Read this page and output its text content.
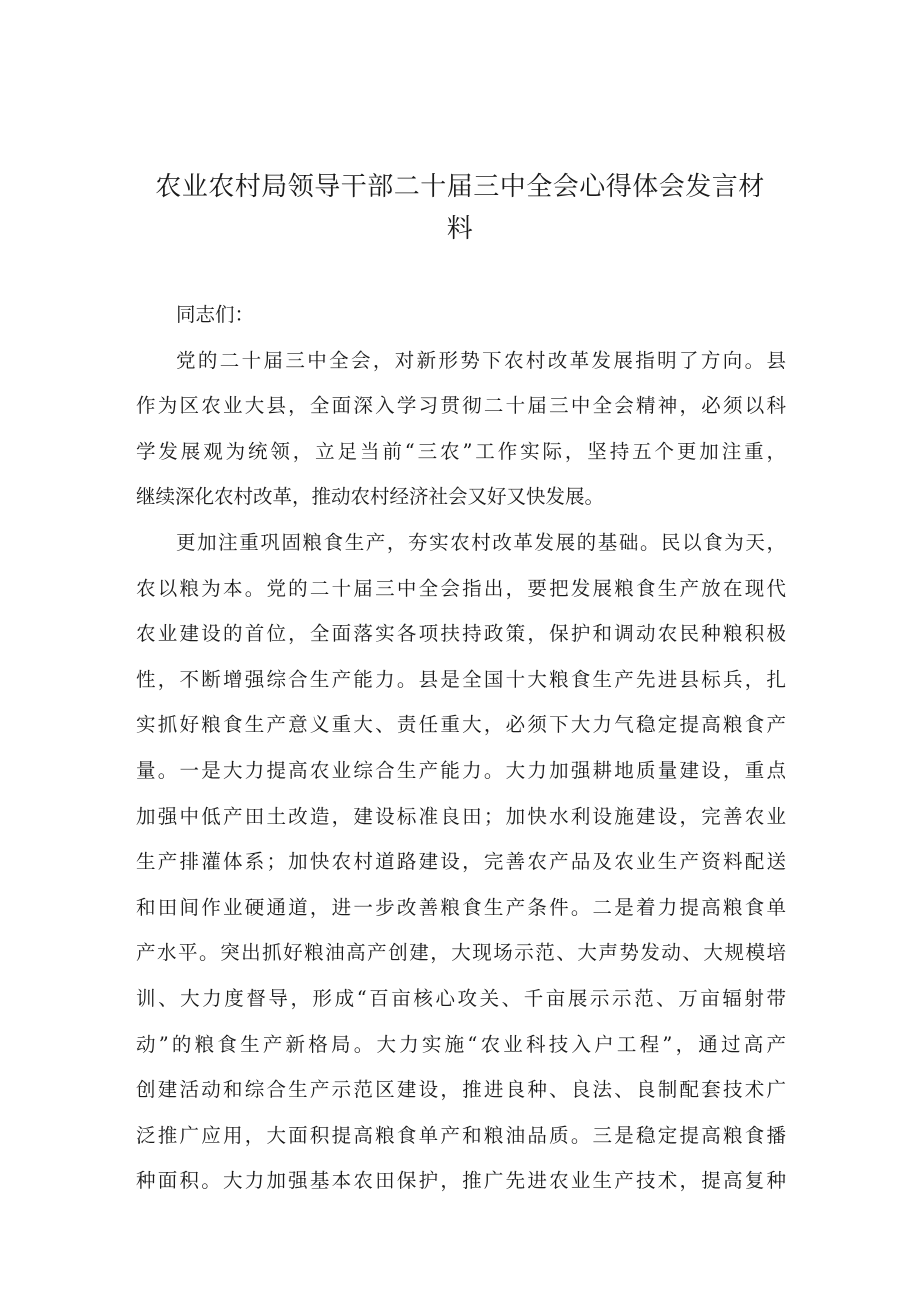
农业农村局领导干部二十届三中全会心得体会发言材
料
同志们：
党的二十届三中全会，对新形势下农村改革发展指明了方向。县
作为区农业大县，全面深入学习贯彻二十届三中全会精神，必须以科
学发展观为统领，立足当前“三农”工作实际，坚持五个更加注重，
继续深化农村改革，推动农村经济社会又好又快发展。
更加注重巩固粮食生产，夯实农村改革发展的基础。民以食为天，
农以粮为本。党的二十届三中全会指出，要把发展粮食生产放在现代
农业建设的首位，全面落实各项扶持政策，保护和调动农民种粮积极
性，不断增强综合生产能力。县是全国十大粮食生产先进县标兵，扎
实抓好粮食生产意义重大、责任重大，必须下大力气稳定提高粮食产
量。一是大力提高农业综合生产能力。大力加强耕地质量建设，重点
加强中低产田土改造，建设标准良田；加快水利设施建设，完善农业
生产排灌体系；加快农村道路建设，完善农产品及农业生产资料配送
和田间作业硬通道，进一步改善粮食生产条件。二是着力提高粮食单
产水平。突出抓好粮油高产创建，大现场示范、大声势发动、大规模培
训、大力度督导，形成“百亩核心攻关、千亩展示示范、万亩辐射带
动”的粮食生产新格局。大力实施“农业科技入户工程”，通过高产
创建活动和综合生产示范区建设，推进良种、良法、良制配套技术广
泛推广应用，大面积提高粮食单产和粮油品质。三是稳定提高粮食播
种面积。大力加强基本农田保护，推广先进农业生产技术，提高复种
